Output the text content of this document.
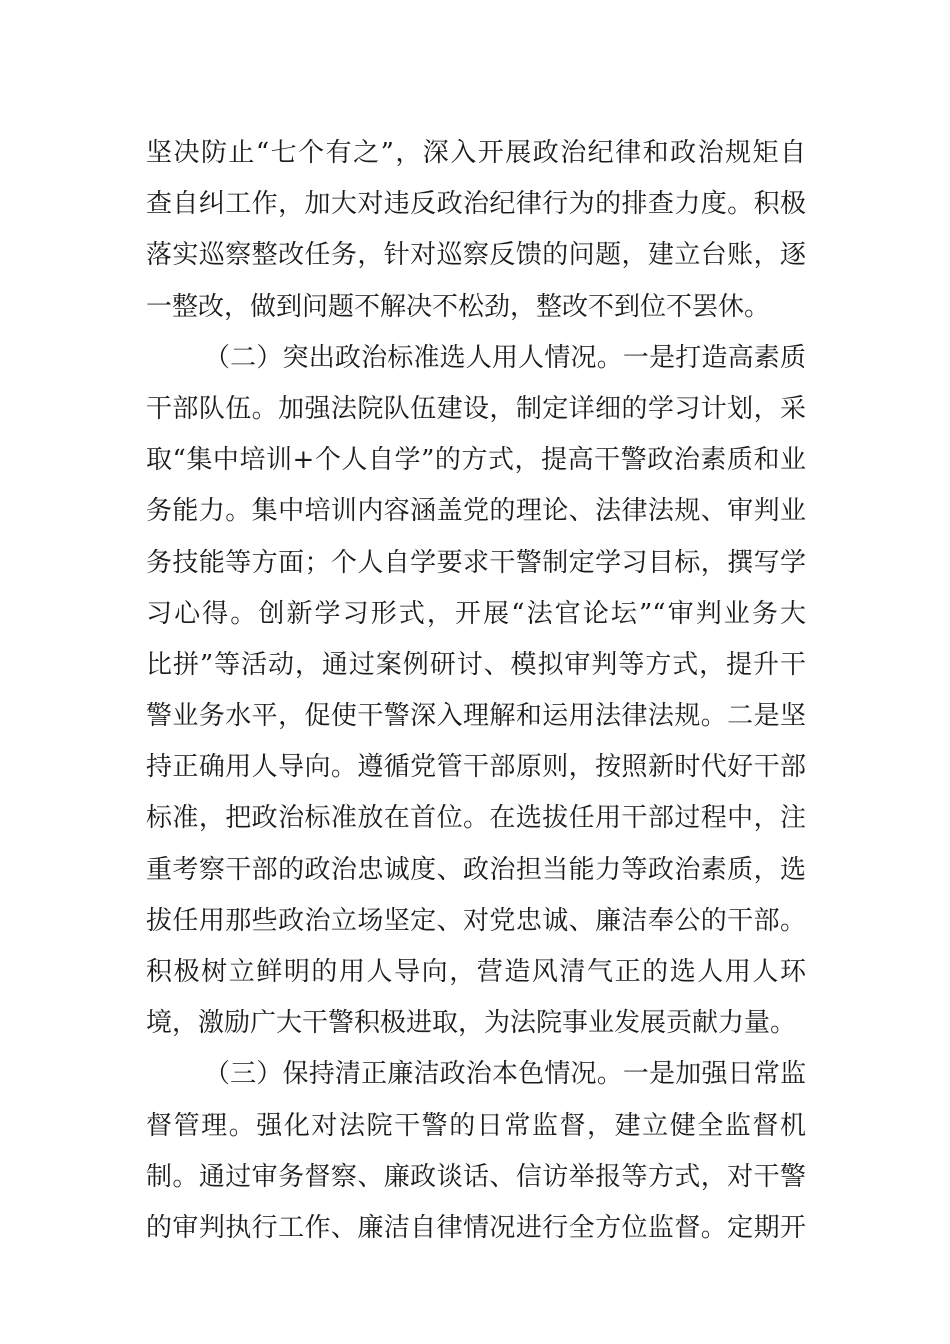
坚决防止“七个有之”，深入开展政治纪律和政治规矩自
查自纠工作，加大对违反政治纪律行为的排查力度。积极
落实巡察整改任务，针对巡察反馈的问题，建立台账，逐
一整改，做到问题不解决不松劲，整改不到位不罢休。
（二）突出政治标准选人用人情况。一是打造高素质
干部队伍。加强法院队伍建设，制定详细的学习计划，采
取“集中培训+个人自学”的方式，提高干警政治素质和业
务能力。集中培训内容涵盖党的理论、法律法规、审判业
务技能等方面；个人自学要求干警制定学习目标，撰写学
习心得。创新学习形式，开展“法官论坛”“审判业务大
比拼”等活动，通过案例研讨、模拟审判等方式，提升干
警业务水平，促使干警深入理解和运用法律法规。二是坚
持正确用人导向。遵循党管干部原则，按照新时代好干部
标准，把政治标准放在首位。在选拔任用干部过程中，注
重考察干部的政治忠诚度、政治担当能力等政治素质，选
拔任用那些政治立场坚定、对党忠诚、廉洁奉公的干部。
积极树立鲜明的用人导向，营造风清气正的选人用人环
境，激励广大干警积极进取，为法院事业发展贡献力量。
（三）保持清正廉洁政治本色情况。一是加强日常监
督管理。强化对法院干警的日常监督，建立健全监督机
制。通过审务督察、廉政谈话、信访举报等方式，对干警
的审判执行工作、廉洁自律情况进行全方位监督。定期开
